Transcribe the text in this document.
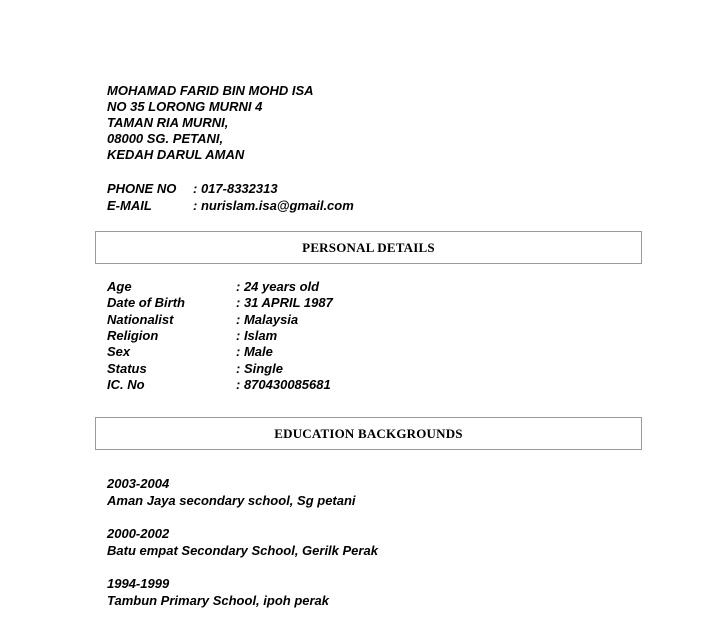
MOHAMAD FARID BIN MOHD ISA
NO 35 LORONG MURNI 4
TAMAN RIA MURNI,
08000 SG. PETANI,
KEDAH DARUL AMAN
PHONE NO	: 017-8332313
E-MAIL	: nurislam.isa@gmail.com
PERSONAL DETAILS
Age	: 24 years old
Date of Birth	: 31 APRIL 1987
Nationalist	: Malaysia
Religion	: Islam
Sex	: Male
Status	: Single
IC. No	: 870430085681
EDUCATION BACKGROUNDS
2003-2004
Aman Jaya secondary school, Sg petani
2000-2002
Batu empat Secondary School, Gerilk Perak
1994-1999
Tambun Primary School, ipoh perak
